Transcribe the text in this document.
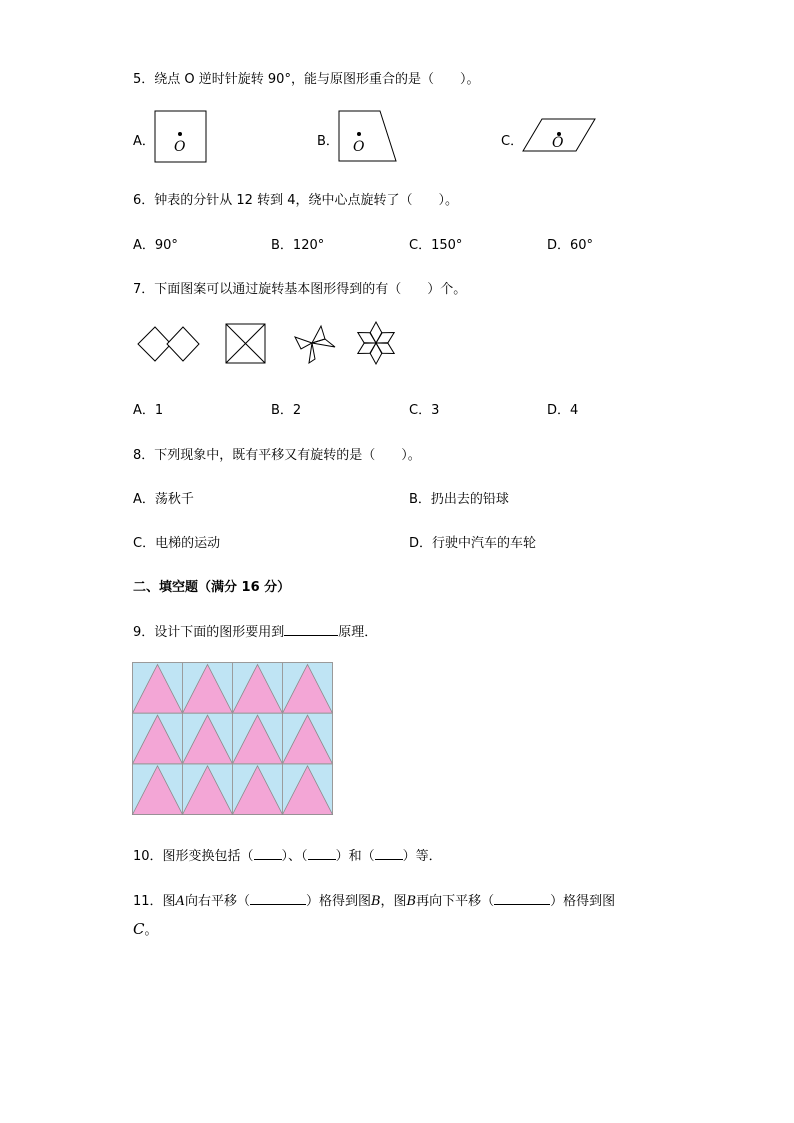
5．绕点 O 逆时针旋转 90°，能与原图形重合的是（　　）。
A． O	B． O	C． O
6．钟表的分针从 12 转到 4，绕中心点旋转了（　　）。
A．90°	B．120°	C．150°	D．60°
7．下面图案可以通过旋转基本图形得到的有（　　）个。
A．1	B．2	C．3	D．4
8．下列现象中，既有平移又有旋转的是（　　）。
A．荡秋千	B．扔出去的铅球
C．电梯的运动	D．行驶中汽车的车轮
二、填空题（满分 16 分）
9．设计下面的图形要用到	原理．
10．图形变换包括（ ）、（ ）和（ ）等．
11．图A向右平移（	）格得到图B，图B再向下平移（	）格得到图
C。
